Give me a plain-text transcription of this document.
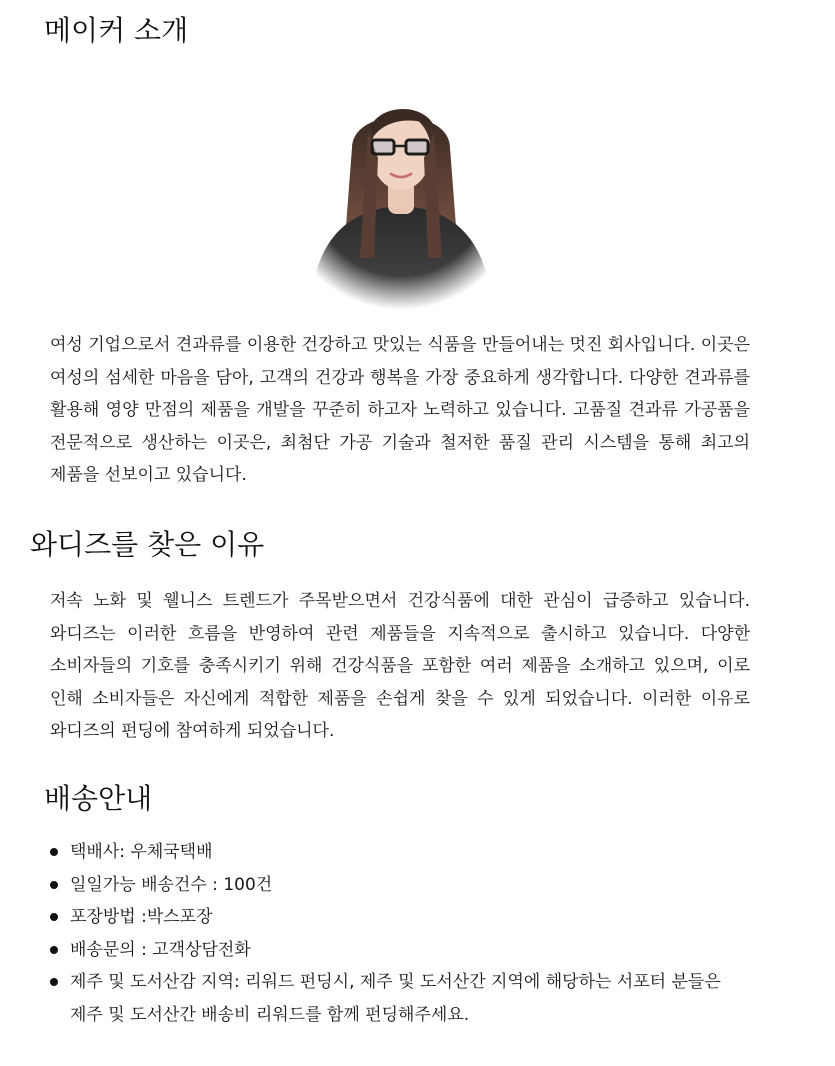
메이커 소개

여성 기업으로서 견과류를 이용한 건강하고 맛있는 식품을 만들어내는 멋진 회사입니다. 이곳은 여성의 섬세한 마음을 담아, 고객의 건강과 행복을 가장 중요하게 생각합니다. 다양한 견과류를 활용해 영양 만점의 제품을 개발을 꾸준히 하고자 노력하고 있습니다. 고품질 견과류 가공품을 전문적으로 생산하는 이곳은, 최첨단 가공 기술과 철저한 품질 관리 시스템을 통해 최고의 제품을 선보이고 있습니다.

와디즈를 찾은 이유

저속 노화 및 웰니스 트렌드가 주목받으면서 건강식품에 대한 관심이 급증하고 있습니다. 와디즈는 이러한 흐름을 반영하여 관련 제품들을 지속적으로 출시하고 있습니다. 다양한 소비자들의 기호를 충족시키기 위해 건강식품을 포함한 여러 제품을 소개하고 있으며, 이로 인해 소비자들은 자신에게 적합한 제품을 손쉽게 찾을 수 있게 되었습니다. 이러한 이유로 와디즈의 펀딩에 참여하게 되었습니다.

배송안내
택배사: 우체국택배
일일가능 배송건수 : 100건
포장방법 :박스포장
배송문의 : 고객상담전화
제주 및 도서산감 지역: 리워드 펀딩시, 제주 및 도서산간 지역에 해당하는 서포터 분들은 제주 및 도서산간 배송비 리워드를 함께 펀딩해주세요.
